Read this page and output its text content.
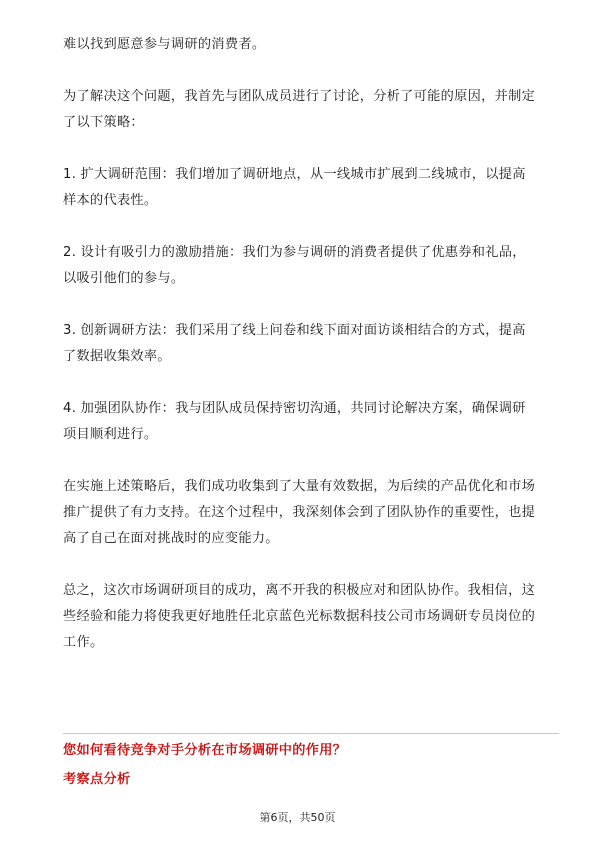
难以找到愿意参与调研的消费者。

为了解决这个问题，我首先与团队成员进行了讨论，分析了可能的原因，并制定了以下策略：

1. 扩大调研范围：我们增加了调研地点，从一线城市扩展到二线城市，以提高样本的代表性。

2. 设计有吸引力的激励措施：我们为参与调研的消费者提供了优惠券和礼品，以吸引他们的参与。

3. 创新调研方法：我们采用了线上问卷和线下面对面访谈相结合的方式，提高了数据收集效率。

4. 加强团队协作：我与团队成员保持密切沟通，共同讨论解决方案，确保调研项目顺利进行。

在实施上述策略后，我们成功收集到了大量有效数据，为后续的产品优化和市场推广提供了有力支持。在这个过程中，我深刻体会到了团队协作的重要性，也提高了自己在面对挑战时的应变能力。

总之，这次市场调研项目的成功，离不开我的积极应对和团队协作。我相信，这些经验和能力将使我更好地胜任北京蓝色光标数据科技公司市场调研专员岗位的工作。

您如何看待竞争对手分析在市场调研中的作用？
考察点分析
第6页，共50页
